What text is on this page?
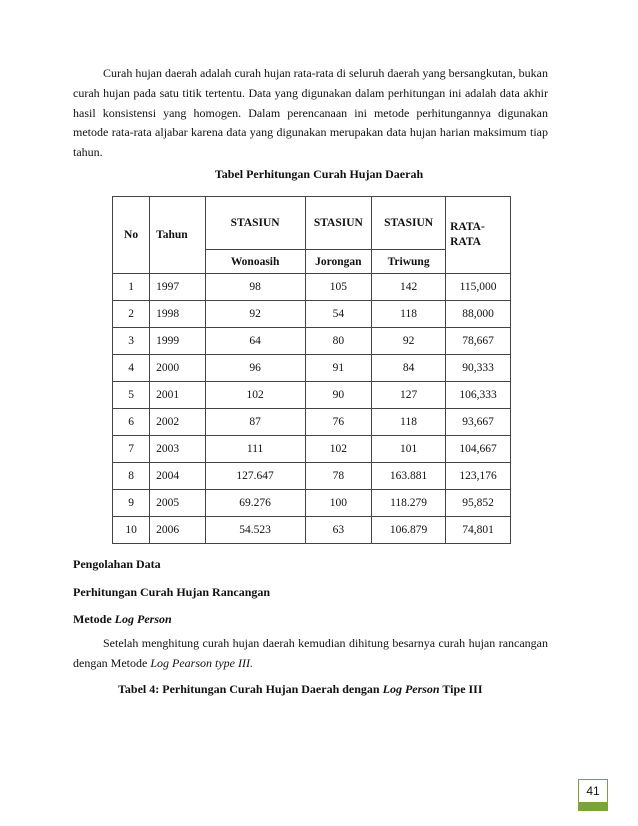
Curah hujan daerah adalah curah hujan rata-rata di seluruh daerah yang bersangkutan, bukan curah hujan pada satu titik tertentu. Data yang digunakan dalam perhitungan ini adalah data akhir hasil konsistensi yang homogen. Dalam perencanaan ini metode perhitungannya digunakan metode rata-rata aljabar karena data yang digunakan merupakan data hujan harian maksimum tiap tahun.

Tabel Perhitungan Curah Hujan Daerah

No	Tahun	STASIUN	STASIUN	STASIUN	RATA-RATA
		Wonoasih	Jorongan	Triwung	
1	1997	98	105	142	115,000
2	1998	92	54	118	88,000
3	1999	64	80	92	78,667
4	2000	96	91	84	90,333
5	2001	102	90	127	106,333
6	2002	87	76	118	93,667
7	2003	111	102	101	104,667
8	2004	127.647	78	163.881	123,176
9	2005	69.276	100	118.279	95,852
10	2006	54.523	63	106.879	74,801

Pengolahan Data

Perhitungan Curah Hujan Rancangan

Metode Log Person

Setelah menghitung curah hujan daerah kemudian dihitung besarnya curah hujan rancangan dengan Metode Log Pearson type III.

Tabel 4: Perhitungan Curah Hujan Daerah dengan Log Person Tipe III

41
